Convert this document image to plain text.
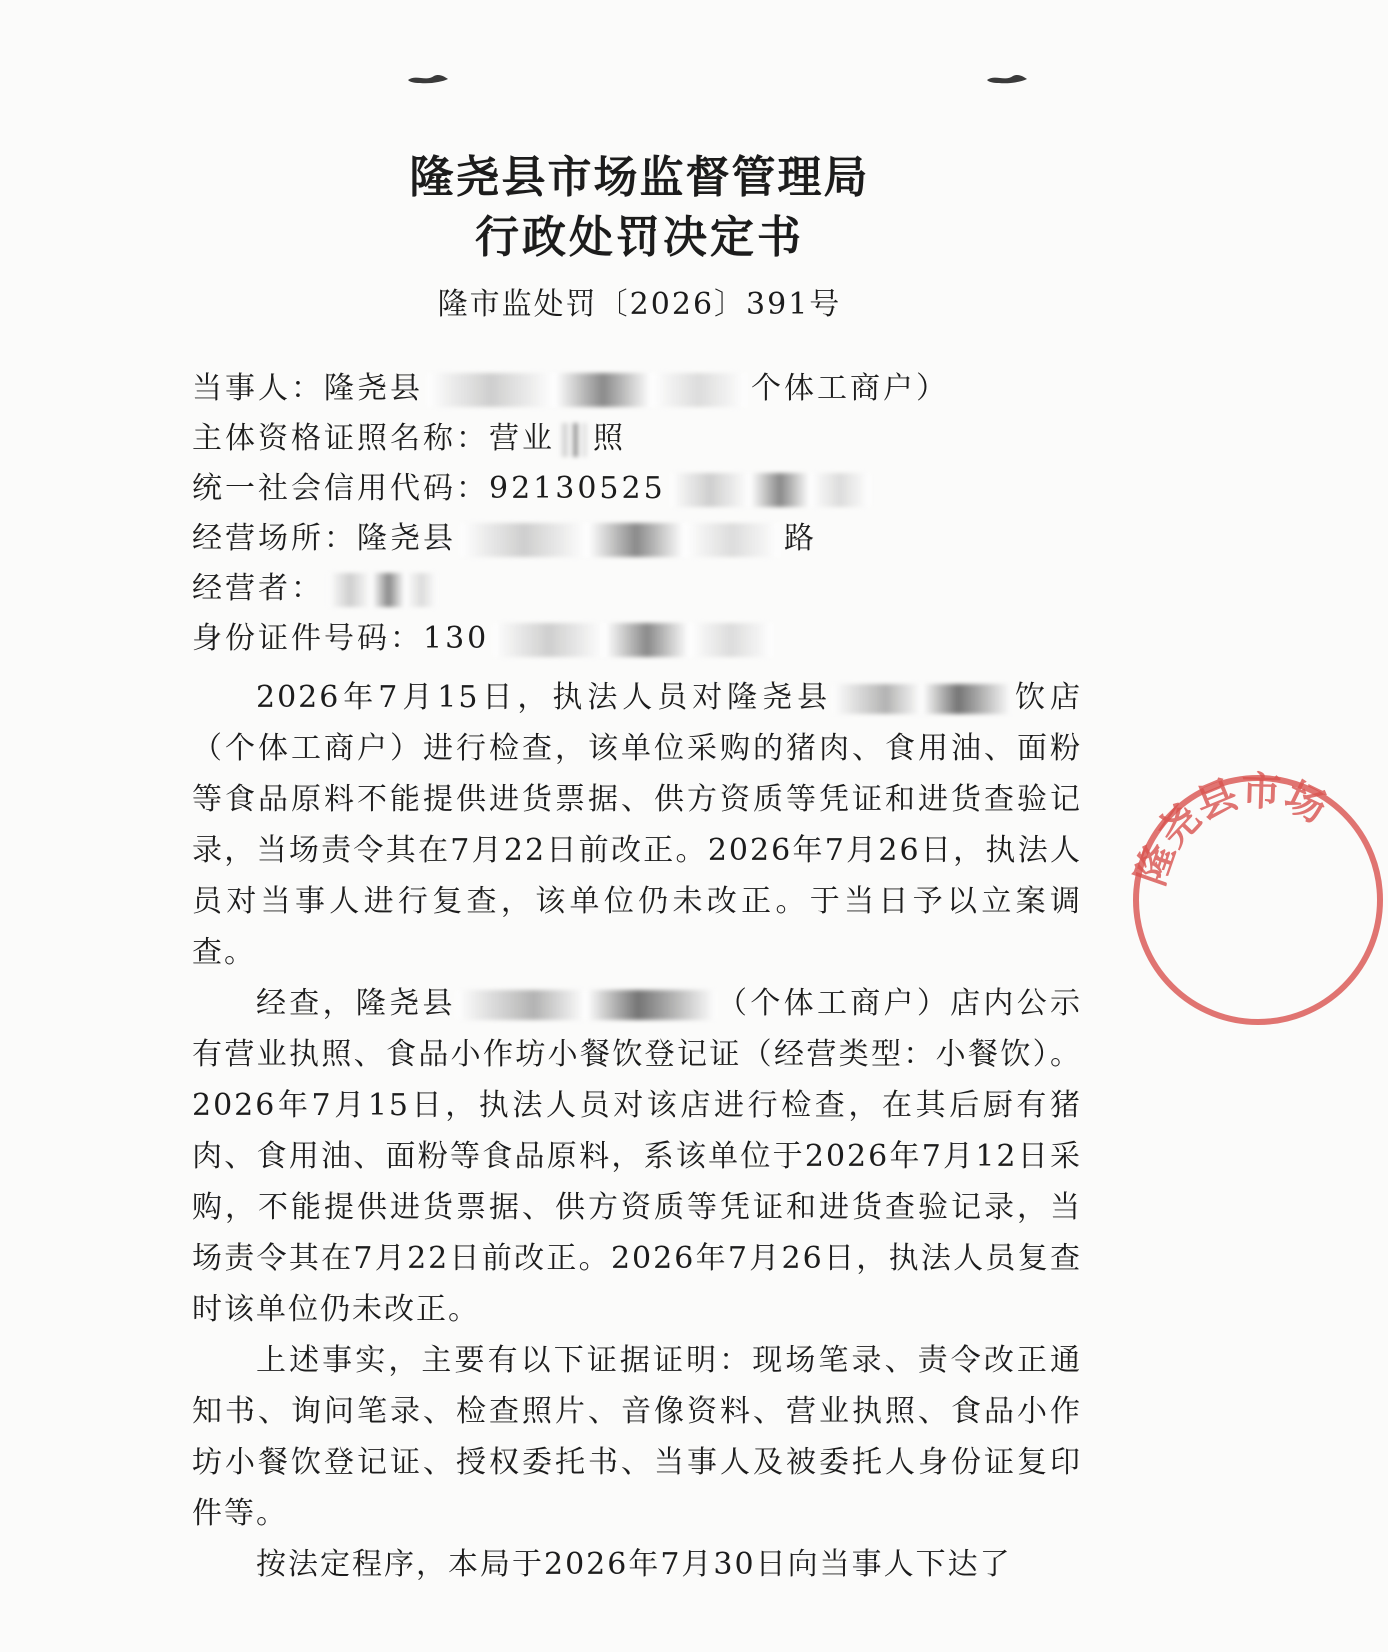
隆尧县市场监督管理局
行政处罚决定书
隆市监处罚〔2026〕391号
当事人：隆尧县	个体工商户）
主体资格证照名称：营业 照
统一社会信用代码：92130525
经营场所：隆尧县	路
经营者：
身份证件号码：130

2026年7月15日，执法人员对隆尧县	饮店（个体工商户）进行检查，该单位采购的猪肉、食用油、面粉等食品原料不能提供进货票据、供方资质等凭证和进货查验记录，当场责令其在7月22日前改正。2026年7月26日，执法人员对当事人进行复查，该单位仍未改正。于当日予以立案调查。

经查，隆尧县	（个体工商户）店内公示有营业执照、食品小作坊小餐饮登记证（经营类型：小餐饮）。2026年7月15日，执法人员对该店进行检查，在其后厨有猪肉、食用油、面粉等食品原料，系该单位于2026年7月12日采购，不能提供进货票据、供方资质等凭证和进货查验记录，当场责令其在7月22日前改正。2026年7月26日，执法人员复查时该单位仍未改正。

上述事实，主要有以下证据证明：现场笔录、责令改正通知书、询问笔录、检查照片、音像资料、营业执照、食品小作坊小餐饮登记证、授权委托书、当事人及被委托人身份证复印件等。

按法定程序，本局于2026年7月30日向当事人下达了

隆尧县市场
